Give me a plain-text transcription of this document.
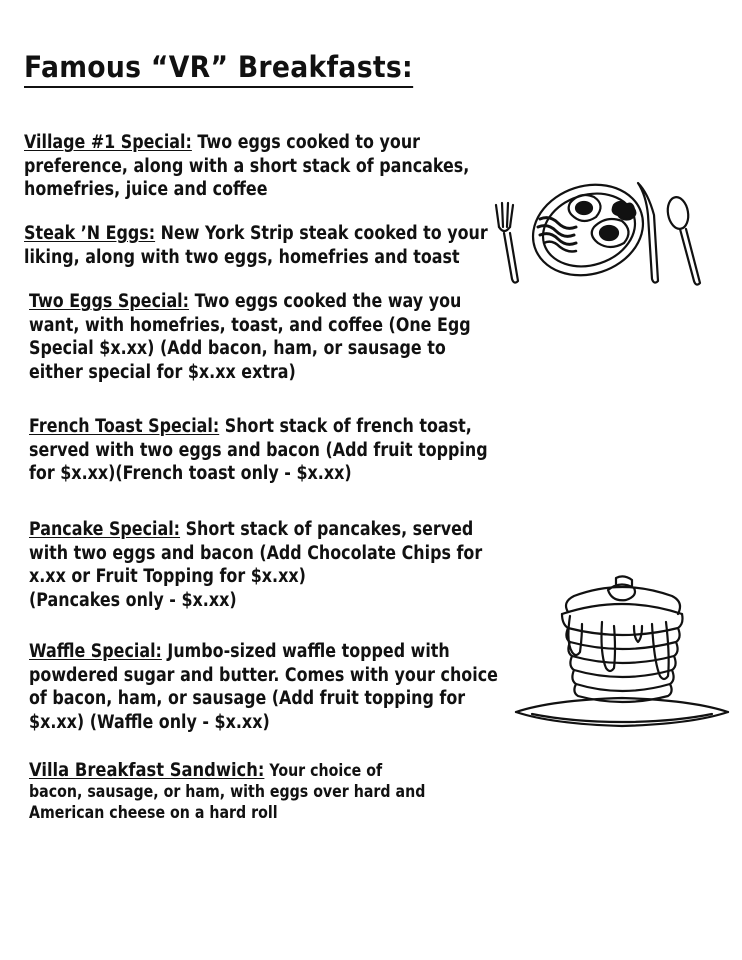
Famous “VR” Breakfasts:
Village #1 Special: Two eggs cooked to your
preference, along with a short stack of pancakes,
homefries, juice and coffee
Steak ’N Eggs: New York Strip steak cooked to your
liking, along with two eggs, homefries and toast
Two Eggs Special: Two eggs cooked the way you
want, with homefries, toast, and coffee (One Egg
Special $x.xx) (Add bacon, ham, or sausage to
either special for $x.xx extra)
French Toast Special: Short stack of french toast,
served with two eggs and bacon (Add fruit topping
for $x.xx)(French toast only - $x.xx)
Pancake Special: Short stack of pancakes, served
with two eggs and bacon (Add Chocolate Chips for
x.xx or Fruit Topping for $x.xx)
(Pancakes only - $x.xx)
Waffle Special: Jumbo-sized waffle topped with
powdered sugar and butter. Comes with your choice
of bacon, ham, or sausage (Add fruit topping for
$x.xx) (Waffle only - $x.xx)
Villa Breakfast Sandwich: Your choice of
bacon, sausage, or ham, with eggs over hard and
American cheese on a hard roll
